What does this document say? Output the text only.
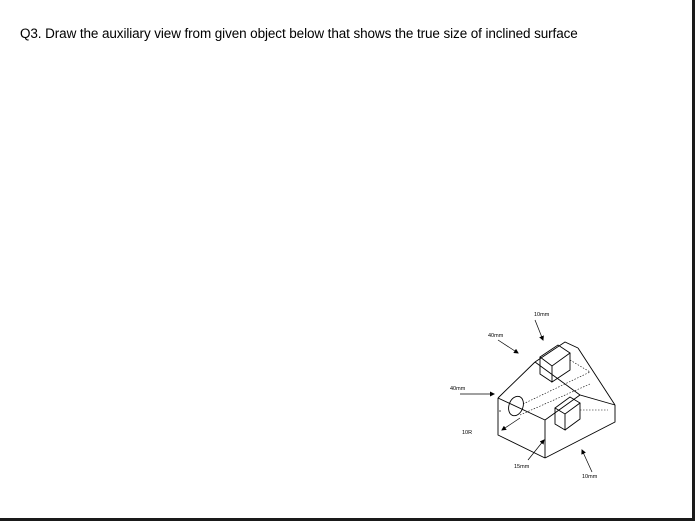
Q3. Draw the auxiliary view from given object below that shows the true size of inclined surface
10mm
40mm
40mm
10R
15mm
10mm
